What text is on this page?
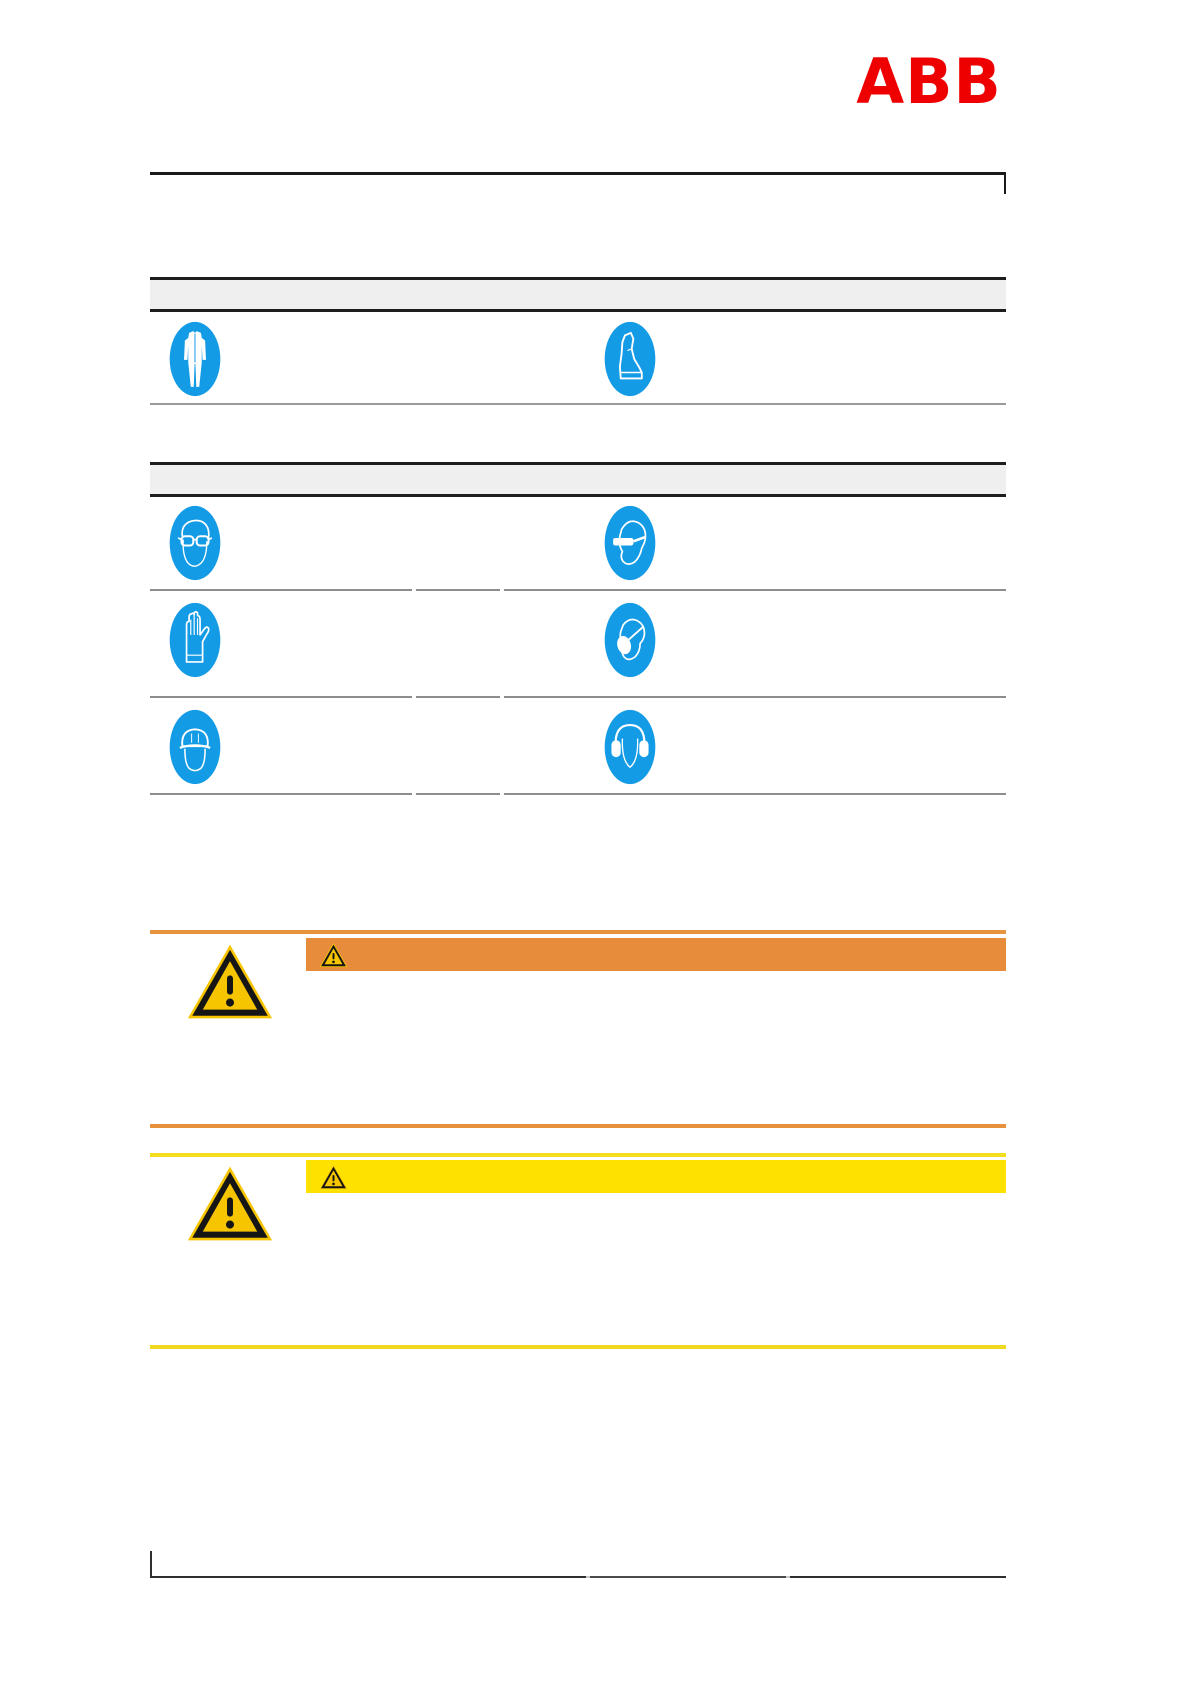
ABB
